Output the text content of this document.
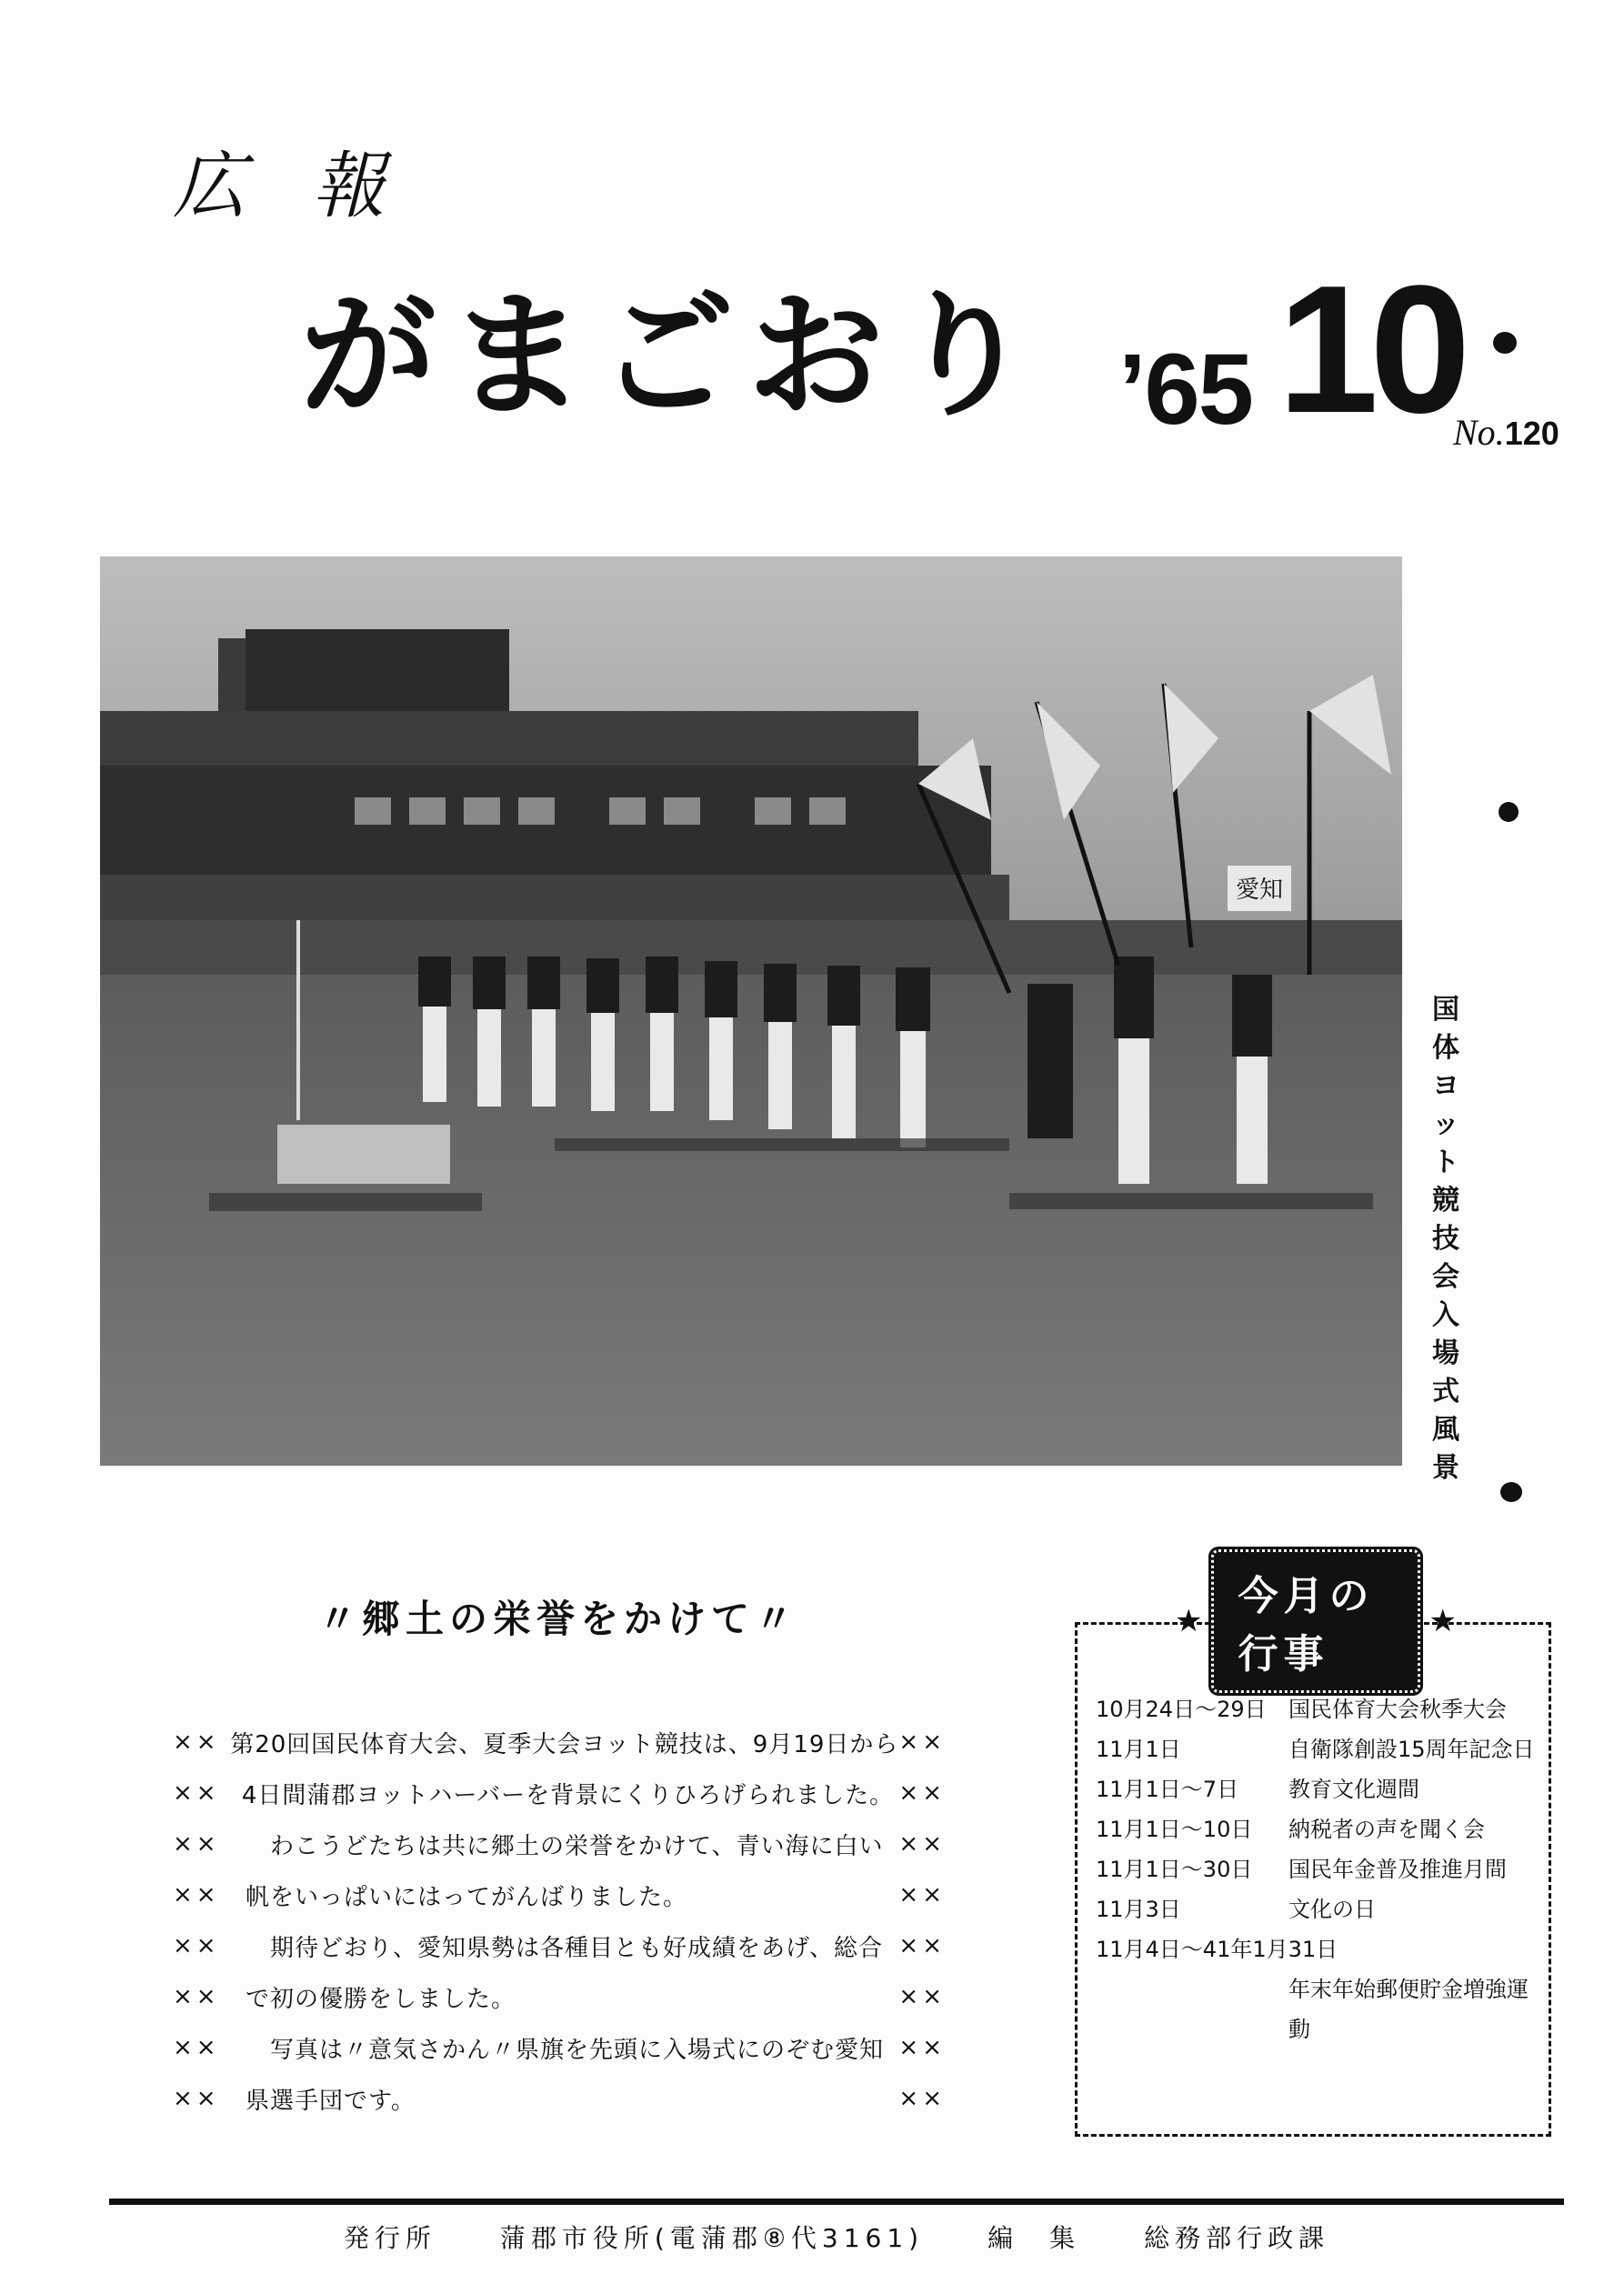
広 報
がまごおり ’65 10
No.120
愛知
国
体
ヨ
ッ
ト
競
技
会
入
場
式
風
景
〃郷土の栄誉をかけて〃
×× 第20回国民体育大会、夏季大会ヨット競技は、9月19日から ××
×× 4日間蒲郡ヨットハーバーを背景にくりひろげられました。 ××
××	　わこうどたちは共に郷土の栄誉をかけて、青い海に白い ××
××	帆をいっぱいにはってがんばりました。	××
××	　期待どおり、愛知県勢は各種目とも好成績をあげ、総合 ××
××	で初の優勝をしました。	××
××	　写真は〃意気さかん〃県旗を先頭に入場式にのぞむ愛知 ××
××	県選手団です。	××
★
今月の行事
★
10月24日〜29日	国民体育大会秋季大会
11月1日	自衛隊創設15周年記念日
11月1日〜7日	教育文化週間
11月1日〜10日	納税者の声を聞く会
11月1日〜30日	国民年金普及推進月間
11月3日	文化の日
11月4日〜41年1月31日
年末年始郵便貯金増強運動
発行所	蒲郡市役所(電蒲郡⑧代3161)	編　集	総務部行政課
